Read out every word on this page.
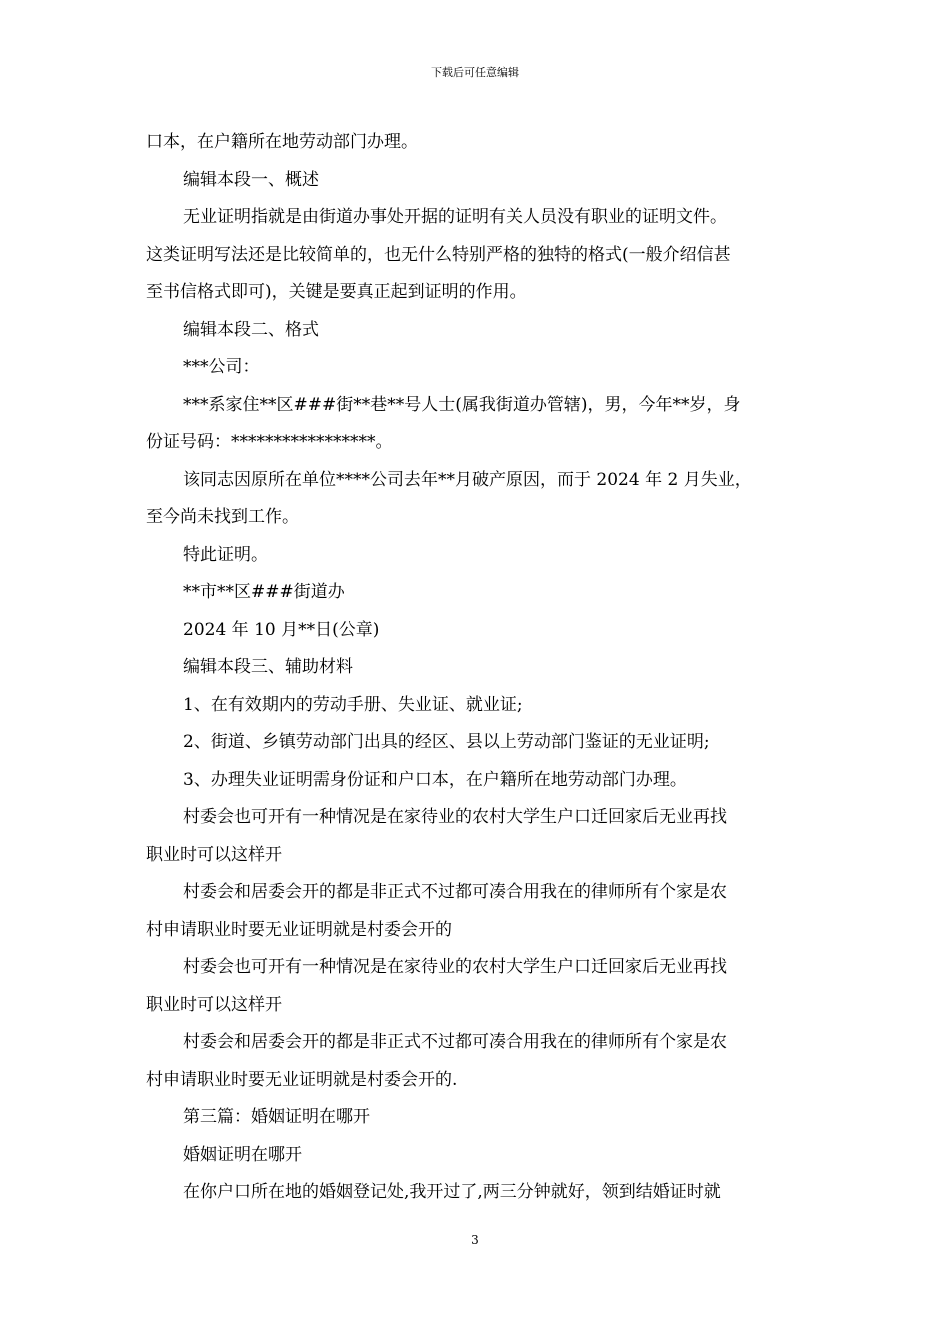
下载后可任意编辑
口本，在户籍所在地劳动部门办理。
编辑本段一、概述
无业证明指就是由街道办事处开据的证明有关人员没有职业的证明文件。
这类证明写法还是比较简单的，也无什么特别严格的独特的格式(一般介绍信甚
至书信格式即可)，关键是要真正起到证明的作用。
编辑本段二、格式
***公司：
***系家住**区###街**巷**号人士(属我街道办管辖)，男，今年**岁，身
份证号码：*****************。
该同志因原所在单位****公司去年**月破产原因，而于 2024 年 2 月失业，
至今尚未找到工作。
特此证明。
**市**区###街道办
2024 年 10 月**日(公章)
编辑本段三、辅助材料
1、在有效期内的劳动手册、失业证、就业证;
2、街道、乡镇劳动部门出具的经区、县以上劳动部门鉴证的无业证明;
3、办理失业证明需身份证和户口本，在户籍所在地劳动部门办理。
村委会也可开有一种情况是在家待业的农村大学生户口迁回家后无业再找
职业时可以这样开
村委会和居委会开的都是非正式不过都可凑合用我在的律师所有个家是农
村申请职业时要无业证明就是村委会开的
村委会也可开有一种情况是在家待业的农村大学生户口迁回家后无业再找
职业时可以这样开
村委会和居委会开的都是非正式不过都可凑合用我在的律师所有个家是农
村申请职业时要无业证明就是村委会开的.
第三篇：婚姻证明在哪开
婚姻证明在哪开
在你户口所在地的婚姻登记处,我开过了,两三分钟就好，领到结婚证时就
3
